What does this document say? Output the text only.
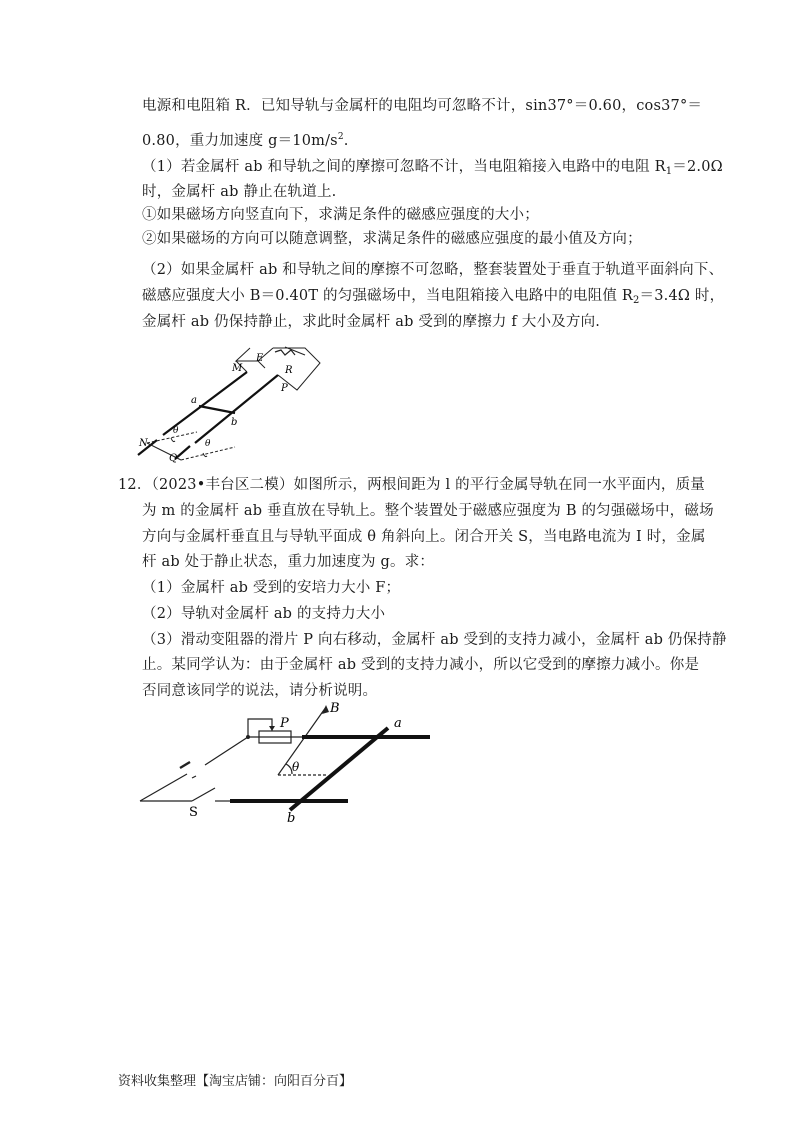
电源和电阻箱 R．已知导轨与金属杆的电阻均可忽略不计，sin37°＝0.60，cos37°＝
0.80，重力加速度 $g=10m/s^2$.
（1）若金属杆 ab 和导轨之间的摩擦可忽略不计，当电阻箱接入电路中的电阻 $R_1=2.0\Omega$
时，金属杆 ab 静止在轨道上.
①如果磁场方向竖直向下，求满足条件的磁感应强度的大小；
②如果磁场的方向可以随意调整，求满足条件的磁感应强度的最小值及方向；
（2）如果金属杆 ab 和导轨之间的摩擦不可忽略，整套装置处于垂直于轨道平面斜向下、
磁感应强度大小 B＝0.40T 的匀强磁场中，当电阻箱接入电路中的电阻值 $R_2=3.4\Omega$ 时，
金属杆 ab 仍保持静止，求此时金属杆 ab 受到的摩擦力 f 大小及方向.
E
M	R
P
a
b
N
Q
θ
θ
12．（2023•丰台区二模）如图所示，两根间距为 l 的平行金属导轨在同一水平面内，质量
为 m 的金属杆 ab 垂直放在导轨上。整个装置处于磁感应强度为 B 的匀强磁场中，磁场
方向与金属杆垂直且与导轨平面成 θ 角斜向上。闭合开关 S，当电路电流为 I 时，金属
杆 ab 处于静止状态，重力加速度为 g。求：
（1）金属杆 ab 受到的安培力大小 F；
（2）导轨对金属杆 ab 的支持力大小
（3）滑动变阻器的滑片 P 向右移动，金属杆 ab 受到的支持力减小，金属杆 ab 仍保持静
止。某同学认为：由于金属杆 ab 受到的支持力减小，所以它受到的摩擦力减小。你是
否同意该同学的说法，请分析说明。
P
B
a
θ
S	b
资料收集整理【淘宝店铺：向阳百分百】
